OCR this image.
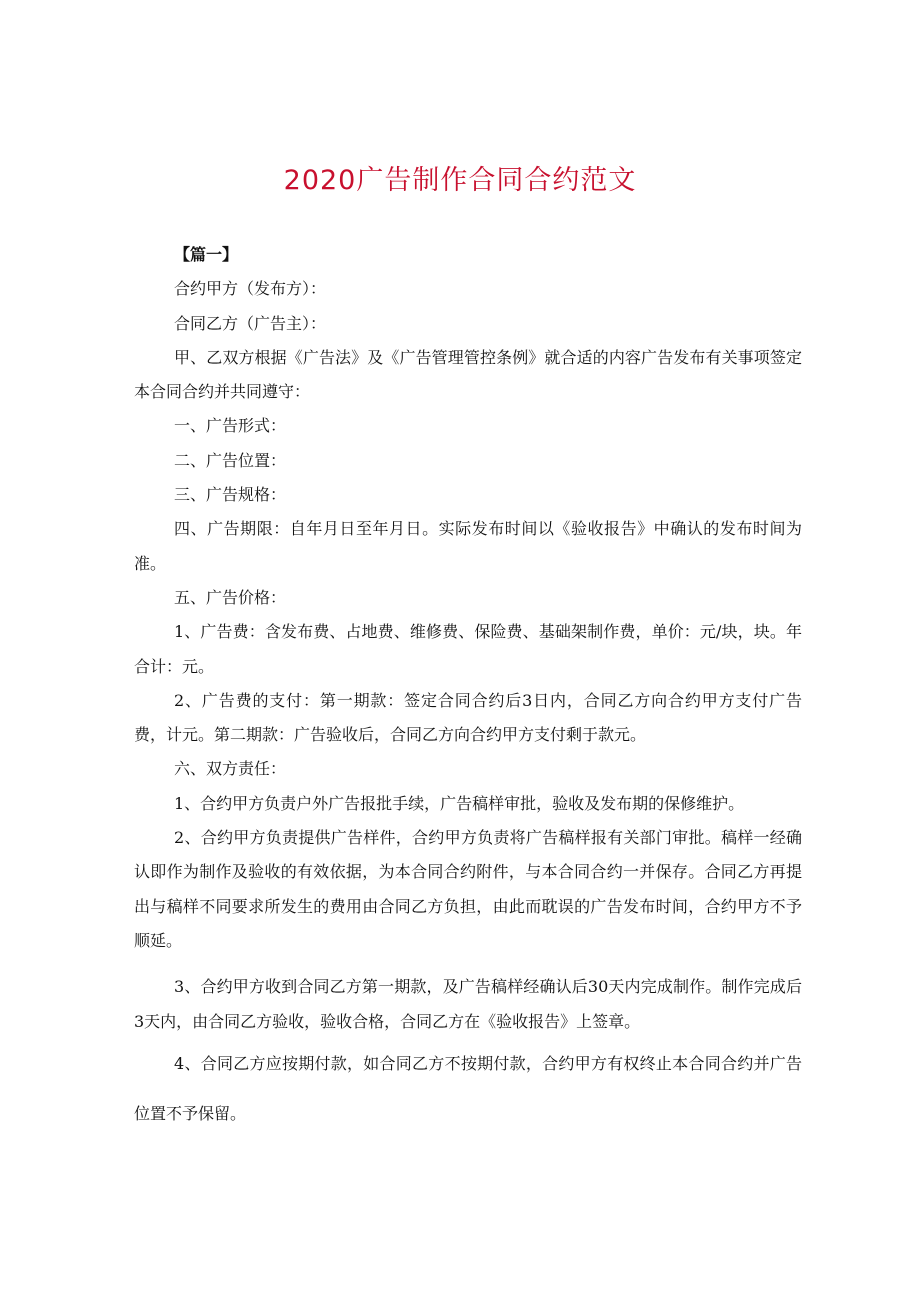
2020广告制作合同合约范文

【篇一】

合约甲方（发布方）：

合同乙方（广告主）：

甲、乙双方根据《广告法》及《广告管理管控条例》就合适的内容广告发布有关事项签定本合同合约并共同遵守：

一、广告形式：

二、广告位置：

三、广告规格：

四、广告期限：自年月日至年月日。实际发布时间以《验收报告》中确认的发布时间为准。

五、广告价格：

1、广告费：含发布费、占地费、维修费、保险费、基础架制作费，单价：元/块，块。年合计：元。

2、广告费的支付：第一期款：签定合同合约后3日内，合同乙方向合约甲方支付广告费，计元。第二期款：广告验收后，合同乙方向合约甲方支付剩于款元。

六、双方责任：

1、合约甲方负责户外广告报批手续，广告稿样审批，验收及发布期的保修维护。

2、合约甲方负责提供广告样件，合约甲方负责将广告稿样报有关部门审批。稿样一经确认即作为制作及验收的有效依据，为本合同合约附件，与本合同合约一并保存。合同乙方再提出与稿样不同要求所发生的费用由合同乙方负担，由此而耽误的广告发布时间，合约甲方不予顺延。

3、合约甲方收到合同乙方第一期款，及广告稿样经确认后30天内完成制作。制作完成后3天内，由合同乙方验收，验收合格，合同乙方在《验收报告》上签章。

4、合同乙方应按期付款，如合同乙方不按期付款，合约甲方有权终止本合同合约并广告位置不予保留。
